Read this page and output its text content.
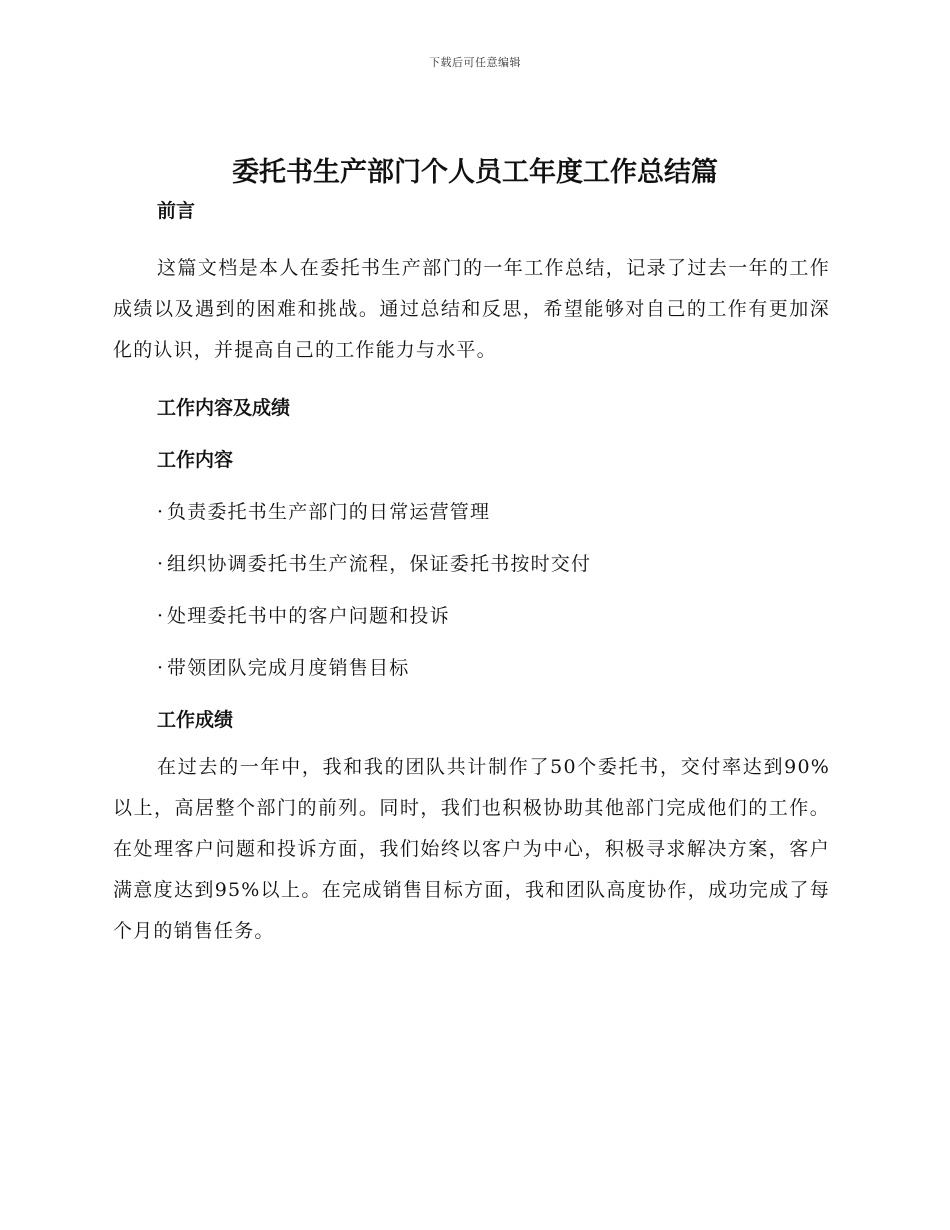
下载后可任意编辑
委托书生产部门个人员工年度工作总结篇
前言

这篇文档是本人在委托书生产部门的一年工作总结，记录了过去一年的工作成绩以及遇到的困难和挑战。通过总结和反思，希望能够对自己的工作有更加深化的认识，并提高自己的工作能力与水平。

工作内容及成绩
工作内容

· 负责委托书生产部门的日常运营管理

· 组织协调委托书生产流程，保证委托书按时交付

· 处理委托书中的客户问题和投诉

· 带领团队完成月度销售目标

工作成绩

在过去的一年中，我和我的团队共计制作了50个委托书，交付率达到90%以上，高居整个部门的前列。同时，我们也积极协助其他部门完成他们的工作。在处理客户问题和投诉方面，我们始终以客户为中心，积极寻求解决方案，客户满意度达到95%以上。在完成销售目标方面，我和团队高度协作，成功完成了每个月的销售任务。
